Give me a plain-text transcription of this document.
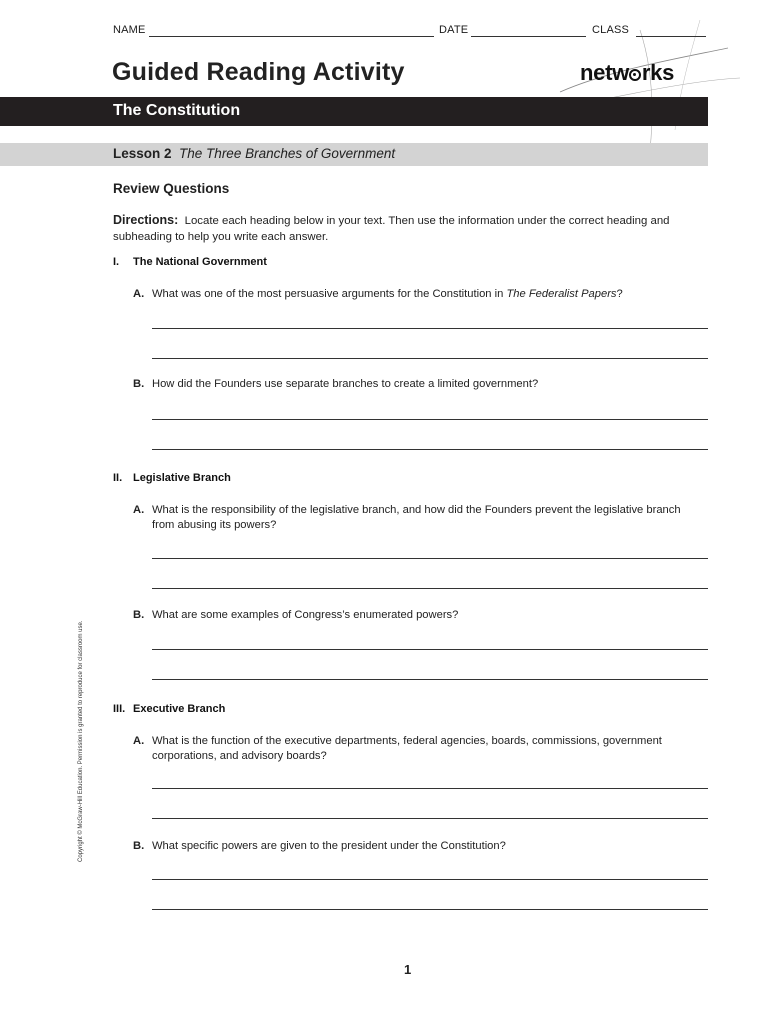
NAME	DATE	CLASS
Guided Reading Activity	netw rks
The Constitution
Lesson 2 The Three Branches of Government
Review Questions
Directions: Locate each heading below in your text. Then use the information under the correct heading and subheading to help you write each answer.
I. The National Government
A. What was one of the most persuasive arguments for the Constitution in The Federalist Papers?
B. How did the Founders use separate branches to create a limited government?
II. Legislative Branch
A. What is the responsibility of the legislative branch, and how did the Founders prevent the legislative branch from abusing its powers?
B. What are some examples of Congress’s enumerated powers?
III. Executive Branch
A. What is the function of the executive departments, federal agencies, boards, commissions, government corporations, and advisory boards?
B. What specific powers are given to the president under the Constitution?
Copyright © McGraw-Hill Education. Permission is granted to reproduce for classroom use.
1
